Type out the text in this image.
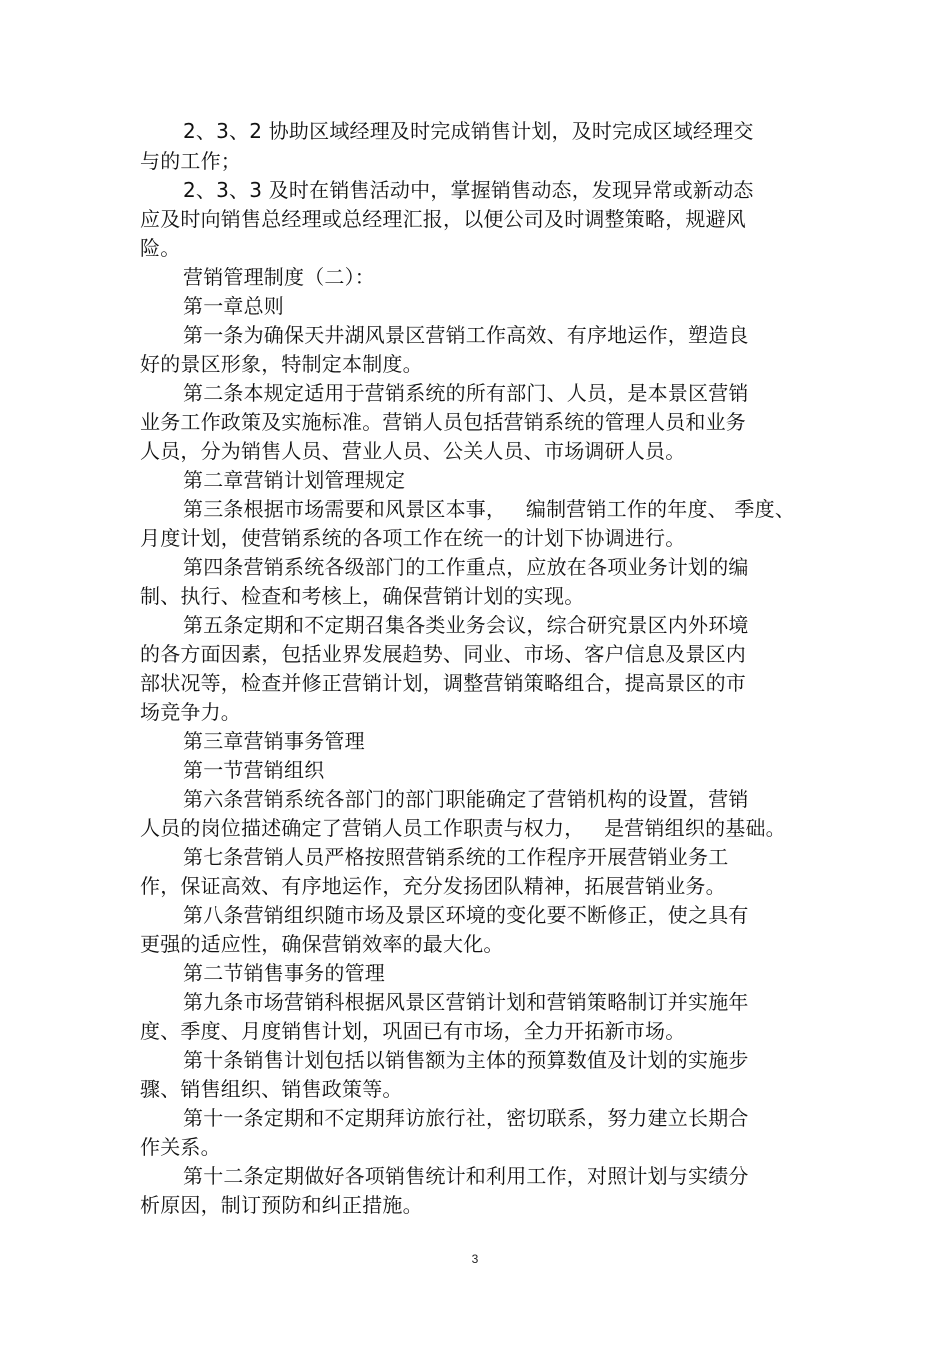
2、3、2 协助区域经理及时完成销售计划，及时完成区域经理交
与的工作；
2、3、3 及时在销售活动中，掌握销售动态，发现异常或新动态
应及时向销售总经理或总经理汇报，以便公司及时调整策略，规避风
险。
营销管理制度（二）：
第一章总则
第一条为确保天井湖风景区营销工作高效、有序地运作，塑造良
好的景区形象，特制定本制度。
第二条本规定适用于营销系统的所有部门、人员，是本景区营销
业务工作政策及实施标准。营销人员包括营销系统的管理人员和业务
人员，分为销售人员、营业人员、公关人员、市场调研人员。
第二章营销计划管理规定
第三条根据市场需要和风景区本事，   编制营销工作的年度、 季度、
月度计划，使营销系统的各项工作在统一的计划下协调进行。
第四条营销系统各级部门的工作重点，应放在各项业务计划的编
制、执行、检查和考核上，确保营销计划的实现。
第五条定期和不定期召集各类业务会议，综合研究景区内外环境
的各方面因素，包括业界发展趋势、同业、市场、客户信息及景区内
部状况等，检查并修正营销计划，调整营销策略组合，提高景区的市
场竞争力。
第三章营销事务管理
第一节营销组织
第六条营销系统各部门的部门职能确定了营销机构的设置，营销
人员的岗位描述确定了营销人员工作职责与权力，   是营销组织的基础。
第七条营销人员严格按照营销系统的工作程序开展营销业务工
作，保证高效、有序地运作，充分发扬团队精神，拓展营销业务。
第八条营销组织随市场及景区环境的变化要不断修正，使之具有
更强的适应性，确保营销效率的最大化。
第二节销售事务的管理
第九条市场营销科根据风景区营销计划和营销策略制订并实施年
度、季度、月度销售计划，巩固已有市场，全力开拓新市场。
第十条销售计划包括以销售额为主体的预算数值及计划的实施步
骤、销售组织、销售政策等。
第十一条定期和不定期拜访旅行社，密切联系，努力建立长期合
作关系。
第十二条定期做好各项销售统计和利用工作，对照计划与实绩分
析原因，制订预防和纠正措施。
3
